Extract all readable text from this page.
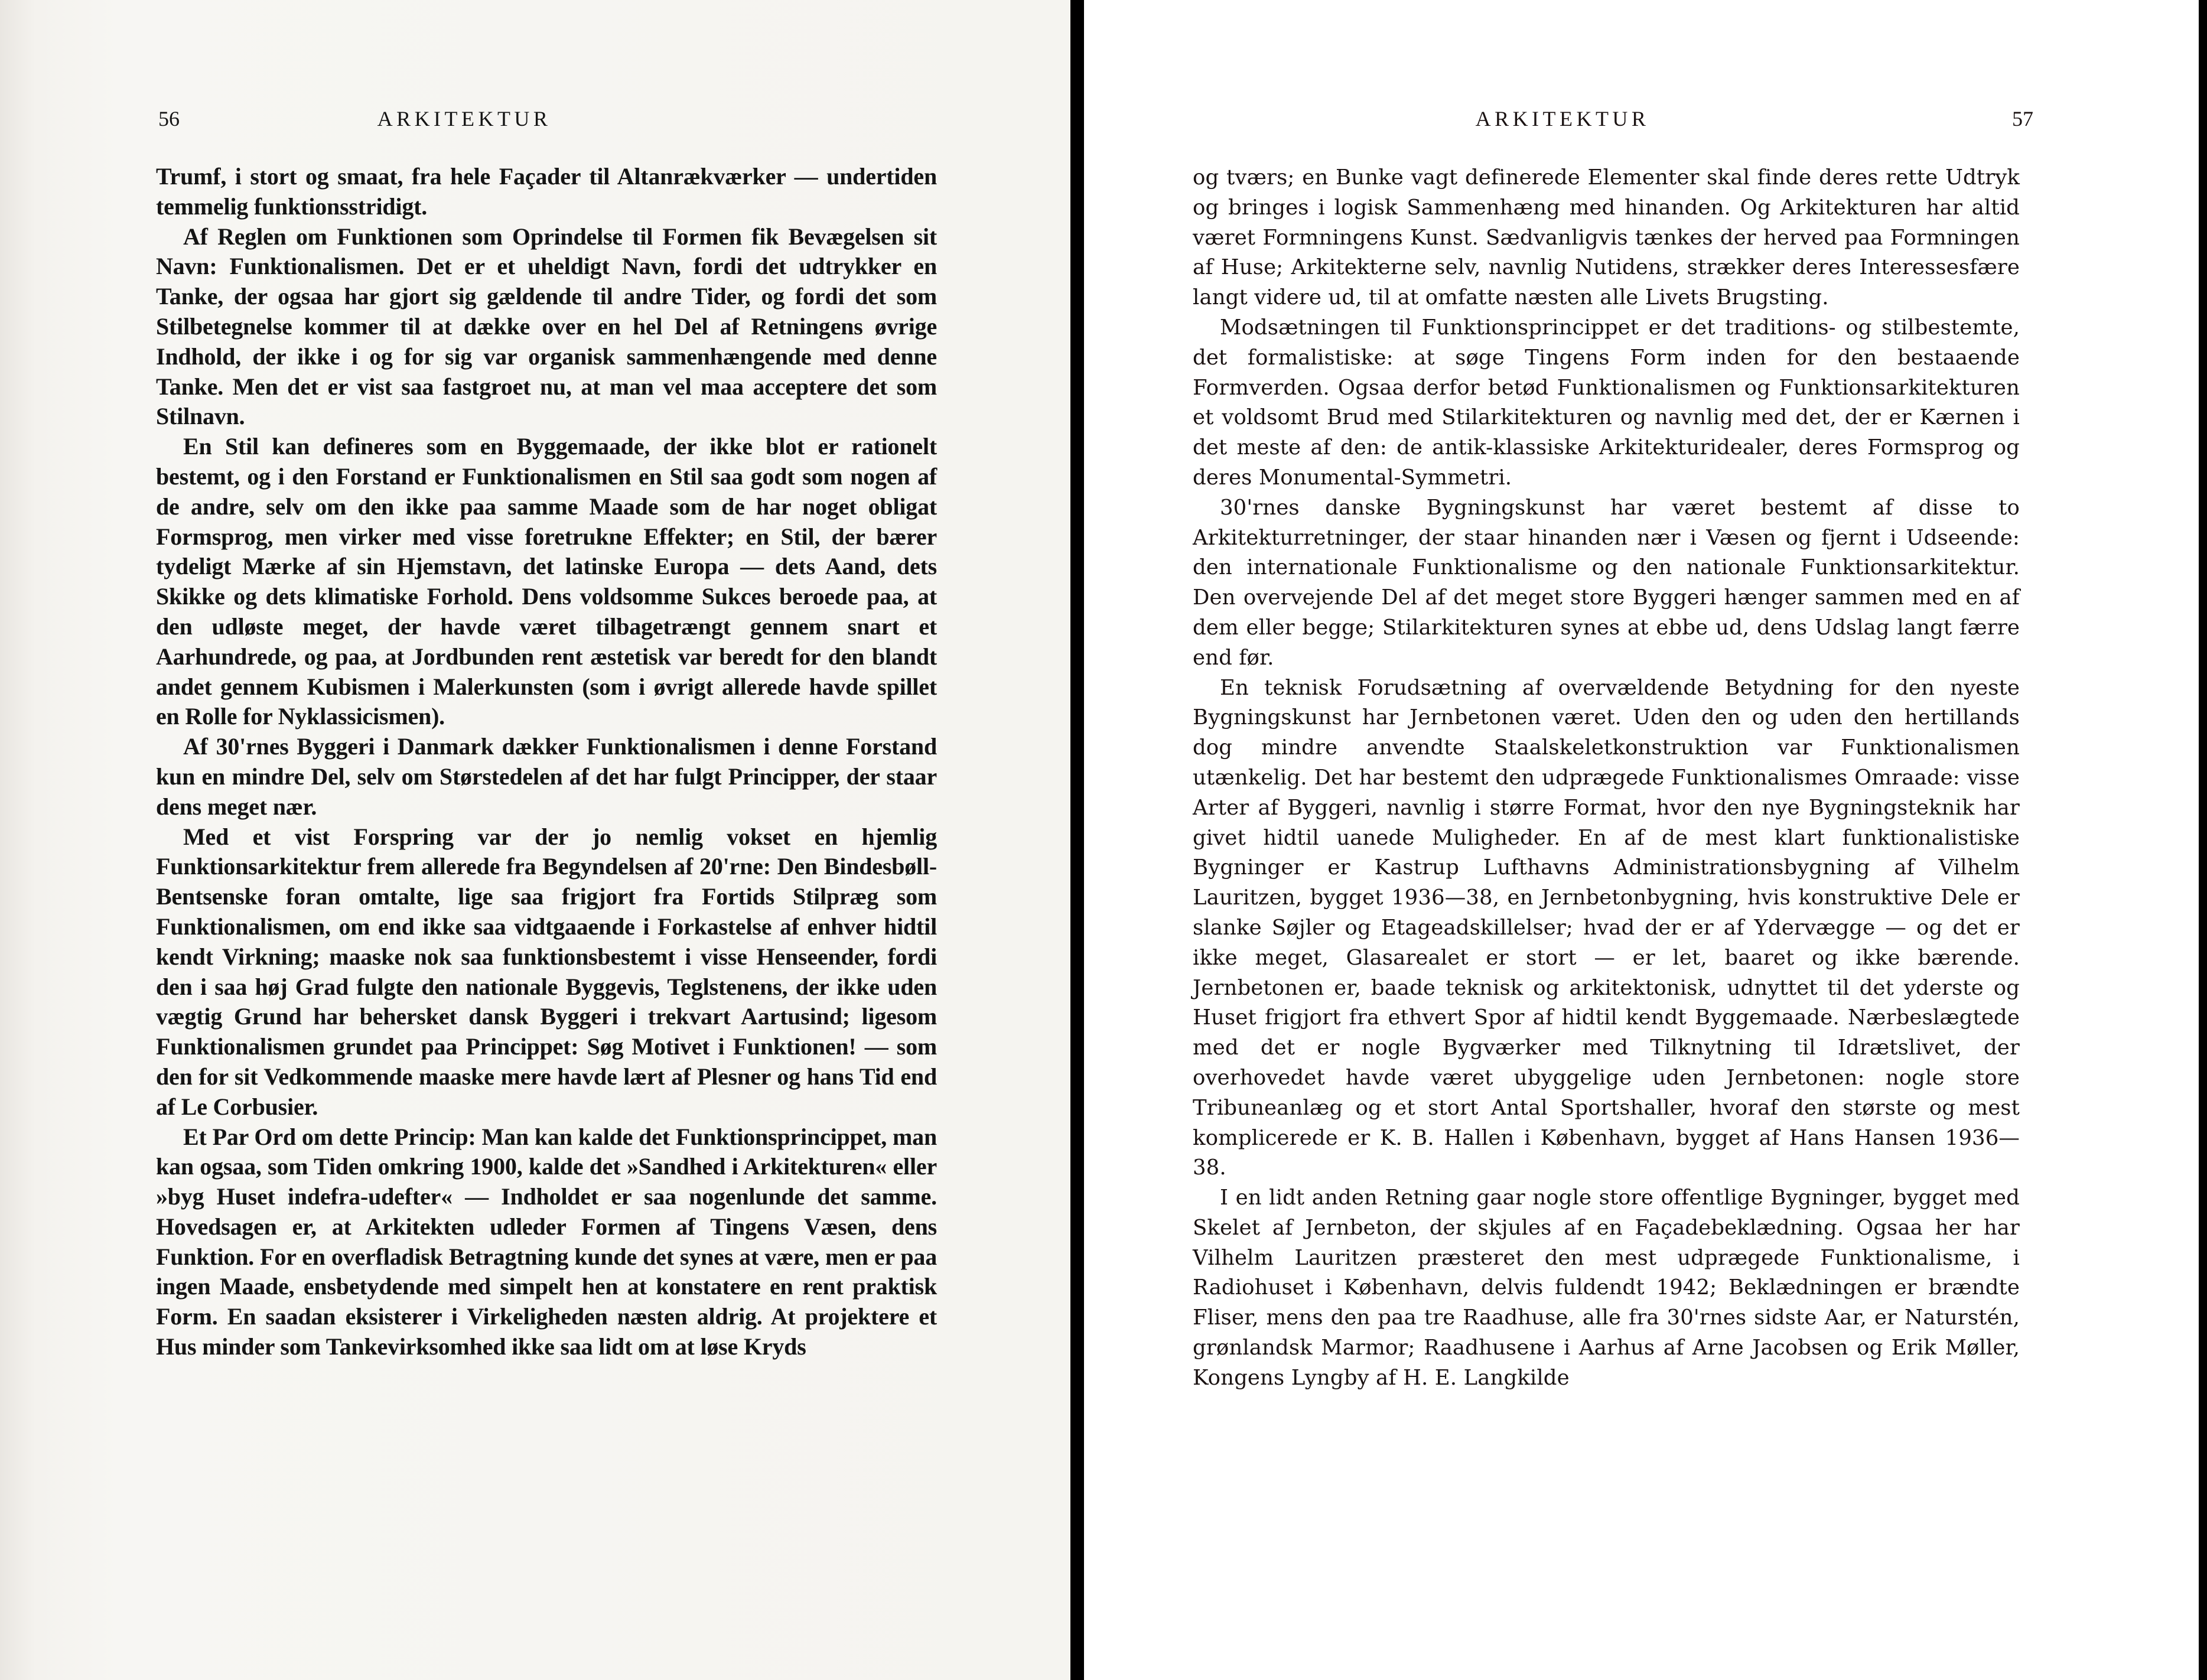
56	ARKITEKTUR

Trumf, i stort og smaat, fra hele Façader til Altanrækværker — undertiden temmelig funktionsstridigt.

Af Reglen om Funktionen som Oprindelse til Formen fik Bevægelsen sit Navn: Funktionalismen. Det er et uheldigt Navn, fordi det udtrykker en Tanke, der ogsaa har gjort sig gældende til andre Tider, og fordi det som Stilbetegnelse kommer til at dække over en hel Del af Retningens øvrige Indhold, der ikke i og for sig var organisk sammenhængende med denne Tanke. Men det er vist saa fastgroet nu, at man vel maa acceptere det som Stilnavn.

En Stil kan defineres som en Byggemaade, der ikke blot er rationelt bestemt, og i den Forstand er Funktionalismen en Stil saa godt som nogen af de andre, selv om den ikke paa samme Maade som de har noget obligat Formsprog, men virker med visse foretrukne Effekter; en Stil, der bærer tydeligt Mærke af sin Hjemstavn, det latinske Europa — dets Aand, dets Skikke og dets klimatiske Forhold. Dens voldsomme Sukces beroede paa, at den udløste meget, der havde været tilbagetrængt gennem snart et Aarhundrede, og paa, at Jordbunden rent æstetisk var beredt for den blandt andet gennem Kubismen i Malerkunsten (som i øvrigt allerede havde spillet en Rolle for Nyklassicismen).

Af 30'rnes Byggeri i Danmark dækker Funktionalismen i denne Forstand kun en mindre Del, selv om Størstedelen af det har fulgt Principper, der staar dens meget nær.

Med et vist Forspring var der jo nemlig vokset en hjemlig Funktionsarkitektur frem allerede fra Begyndelsen af 20'rne: Den Bindesbøll-Bentsenske foran omtalte, lige saa frigjort fra Fortids Stilpræg som Funktionalismen, om end ikke saa vidtgaaende i Forkastelse af enhver hidtil kendt Virkning; maaske nok saa funktionsbestemt i visse Henseender, fordi den i saa høj Grad fulgte den nationale Byggevis, Teglstenens, der ikke uden vægtig Grund har behersket dansk Byggeri i trekvart Aartusind; ligesom Funktionalismen grundet paa Princippet: Søg Motivet i Funktionen! — som den for sit Vedkommende maaske mere havde lært af Plesner og hans Tid end af Le Corbusier.

Et Par Ord om dette Princip: Man kan kalde det Funktionsprincippet, man kan ogsaa, som Tiden omkring 1900, kalde det »Sandhed i Arkitekturen« eller »byg Huset indefra-udefter« — Indholdet er saa nogenlunde det samme. Hovedsagen er, at Arkitekten udleder Formen af Tingens Væsen, dens Funktion. For en overfladisk Betragtning kunde det synes at være, men er paa ingen Maade, ensbetydende med simpelt hen at konstatere en rent praktisk Form. En saadan eksisterer i Virkeligheden næsten aldrig. At projektere et Hus minder som Tankevirksomhed ikke saa lidt om at løse Kryds

ARKITEKTUR	57

og tværs; en Bunke vagt definerede Elementer skal finde deres rette Udtryk og bringes i logisk Sammenhæng med hinanden. Og Arkitekturen har altid været Formningens Kunst. Sædvanligvis tænkes der herved paa Formningen af Huse; Arkitekterne selv, navnlig Nutidens, strækker deres Interessesfære langt videre ud, til at omfatte næsten alle Livets Brugsting.

Modsætningen til Funktionsprincippet er det traditions- og stilbestemte, det formalistiske: at søge Tingens Form inden for den bestaaende Formverden. Ogsaa derfor betød Funktionalismen og Funktionsarkitekturen et voldsomt Brud med Stilarkitekturen og navnlig med det, der er Kærnen i det meste af den: de antik-klassiske Arkitekturidealer, deres Formsprog og deres Monumental-Symmetri.

30'rnes danske Bygningskunst har været bestemt af disse to Arkitekturretninger, der staar hinanden nær i Væsen og fjernt i Udseende: den internationale Funktionalisme og den nationale Funktionsarkitektur. Den overvejende Del af det meget store Byggeri hænger sammen med en af dem eller begge; Stilarkitekturen synes at ebbe ud, dens Udslag langt færre end før.

En teknisk Forudsætning af overvældende Betydning for den nyeste Bygningskunst har Jernbetonen været. Uden den og uden den hertillands dog mindre anvendte Staalskeletkonstruktion var Funktionalismen utænkelig. Det har bestemt den udprægede Funktionalismes Omraade: visse Arter af Byggeri, navnlig i større Format, hvor den nye Bygningsteknik har givet hidtil uanede Muligheder. En af de mest klart funktionalistiske Bygninger er Kastrup Lufthavns Administrationsbygning af Vilhelm Lauritzen, bygget 1936—38, en Jernbetonbygning, hvis konstruktive Dele er slanke Søjler og Etageadskillelser; hvad der er af Ydervægge — og det er ikke meget, Glasarealet er stort — er let, baaret og ikke bærende. Jernbetonen er, baade teknisk og arkitektonisk, udnyttet til det yderste og Huset frigjort fra ethvert Spor af hidtil kendt Byggemaade. Nærbeslægtede med det er nogle Bygværker med Tilknytning til Idrætslivet, der overhovedet havde været ubyggelige uden Jernbetonen: nogle store Tribuneanlæg og et stort Antal Sportshaller, hvoraf den største og mest komplicerede er K. B. Hallen i København, bygget af Hans Hansen 1936—38.

I en lidt anden Retning gaar nogle store offentlige Bygninger, bygget med Skelet af Jernbeton, der skjules af en Façadebeklædning. Ogsaa her har Vilhelm Lauritzen præsteret den mest udprægede Funktionalisme, i Radiohuset i København, delvis fuldendt 1942; Beklædningen er brændte Fliser, mens den paa tre Raadhuse, alle fra 30'rnes sidste Aar, er Naturstén, grønlandsk Marmor; Raadhusene i Aarhus af Arne Jacobsen og Erik Møller, Kongens Lyngby af H. E. Langkilde
